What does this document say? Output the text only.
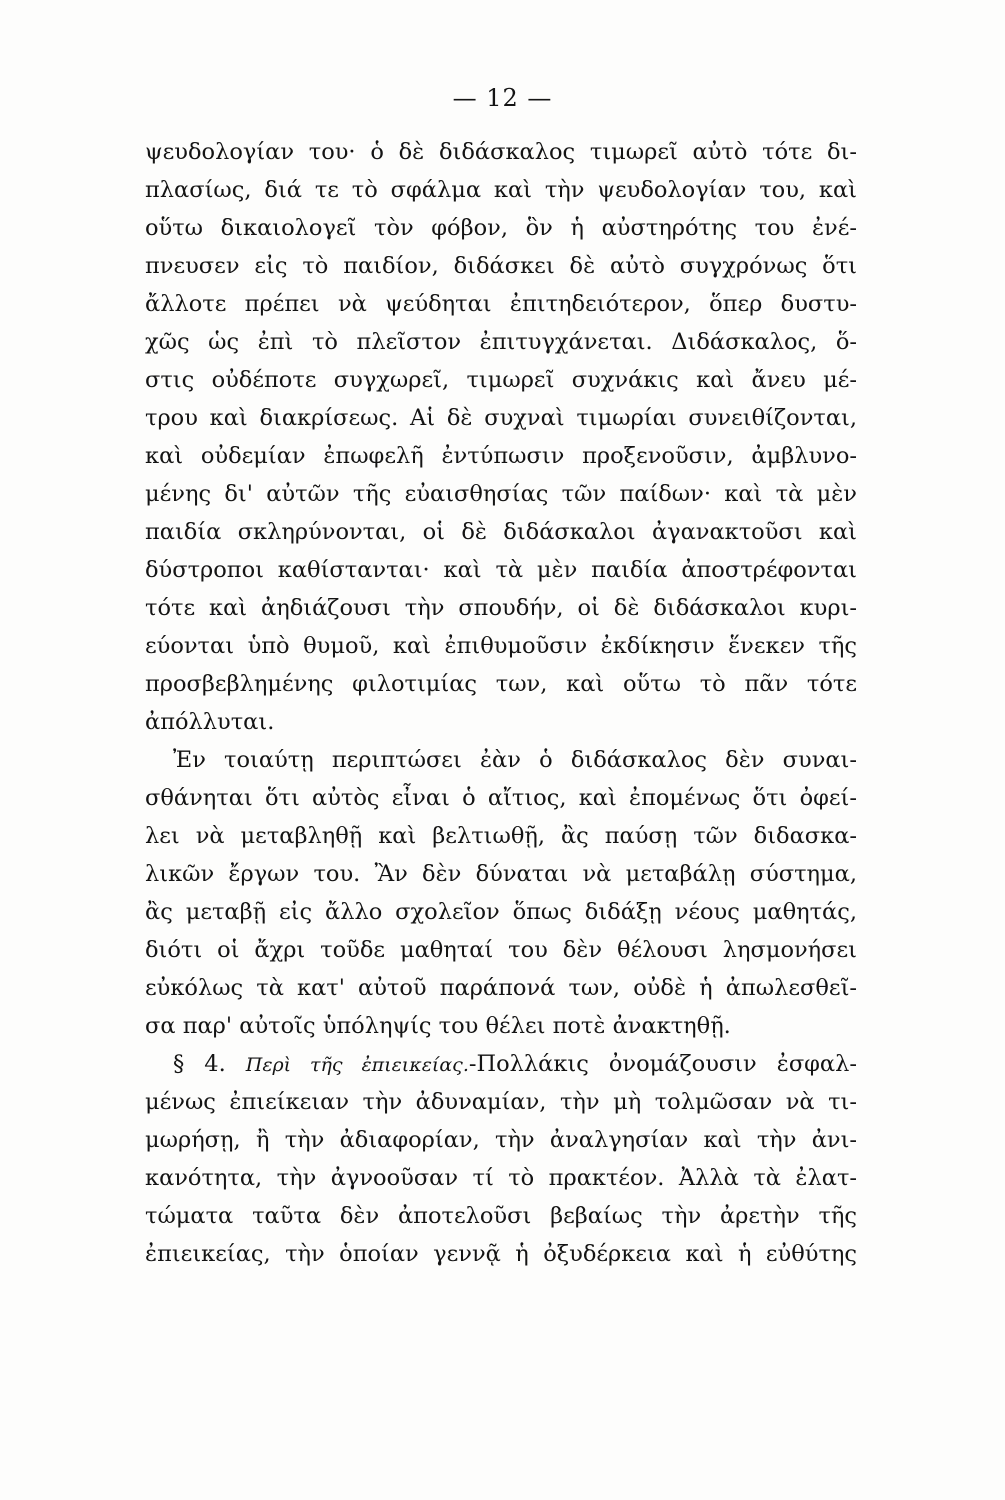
— 12 —
ψευδολογίαν του· ὁ δὲ διδάσκαλος τιμωρεῖ αὐτὸ τότε δι-
πλασίως, διά τε τὸ σφάλμα καὶ τὴν ψευδολογίαν του, καὶ
οὕτω δικαιολογεῖ τὸν φόβον, ὃν ἡ αὐστηρότης του ἐνέ-
πνευσεν εἰς τὸ παιδίον, διδάσκει δὲ αὐτὸ συγχρόνως ὅτι
ἄλλοτε πρέπει νὰ ψεύδηται ἐπιτηδειότερον, ὅπερ δυστυ-
χῶς ὡς ἐπὶ τὸ πλεῖστον ἐπιτυγχάνεται. Διδάσκαλος, ὅ-
στις οὐδέποτε συγχωρεῖ, τιμωρεῖ συχνάκις καὶ ἄνευ μέ-
τρου καὶ διακρίσεως. Αἱ δὲ συχναὶ τιμωρίαι συνειθίζονται,
καὶ οὐδεμίαν ἐπωφελῆ ἐντύπωσιν προξενοῦσιν, ἀμβλυνο-
μένης δι' αὐτῶν τῆς εὐαισθησίας τῶν παίδων· καὶ τὰ μὲν
παιδία σκληρύνονται, οἱ δὲ διδάσκαλοι ἀγανακτοῦσι καὶ
δύστροποι καθίστανται· καὶ τὰ μὲν παιδία ἀποστρέφονται
τότε καὶ ἀηδιάζουσι τὴν σπουδήν, οἱ δὲ διδάσκαλοι κυρι-
εύονται ὑπὸ θυμοῦ, καὶ ἐπιθυμοῦσιν ἐκδίκησιν ἕνεκεν τῆς
προσβεβλημένης φιλοτιμίας των, καὶ οὕτω τὸ πᾶν τότε
ἀπόλλυται.
Ἐν τοιαύτῃ περιπτώσει ἐὰν ὁ διδάσκαλος δὲν συναι-
σθάνηται ὅτι αὐτὸς εἶναι ὁ αἴτιος, καὶ ἐπομένως ὅτι ὀφεί-
λει νὰ μεταβληθῇ καὶ βελτιωθῇ, ἂς παύσῃ τῶν διδασκα-
λικῶν ἔργων του. Ἂν δὲν δύναται νὰ μεταβάλῃ σύστημα,
ἂς μεταβῇ εἰς ἄλλο σχολεῖον ὅπως διδάξῃ νέους μαθητάς,
διότι οἱ ἄχρι τοῦδε μαθηταί του δὲν θέλουσι λησμονήσει
εὐκόλως τὰ κατ' αὐτοῦ παράπονά των, οὐδὲ ἡ ἀπωλεσθεῖ-
σα παρ' αὐτοῖς ὑπόληψίς του θέλει ποτὲ ἀνακτηθῇ.
§ 4. Περὶ τῆς ἐπιεικείας.-Πολλάκις ὀνομάζουσιν ἐσφαλ-
μένως ἐπιείκειαν τὴν ἀδυναμίαν, τὴν μὴ τολμῶσαν νὰ τι-
μωρήσῃ, ἢ τὴν ἀδιαφορίαν, τὴν ἀναλγησίαν καὶ τὴν ἀνι-
κανότητα, τὴν ἀγνοοῦσαν τί τὸ πρακτέον. Ἀλλὰ τὰ ἐλατ-
τώματα ταῦτα δὲν ἀποτελοῦσι βεβαίως τὴν ἀρετὴν τῆς
ἐπιεικείας, τὴν ὁποίαν γεννᾷ ἡ ὀξυδέρκεια καὶ ἡ εὐθύτης
